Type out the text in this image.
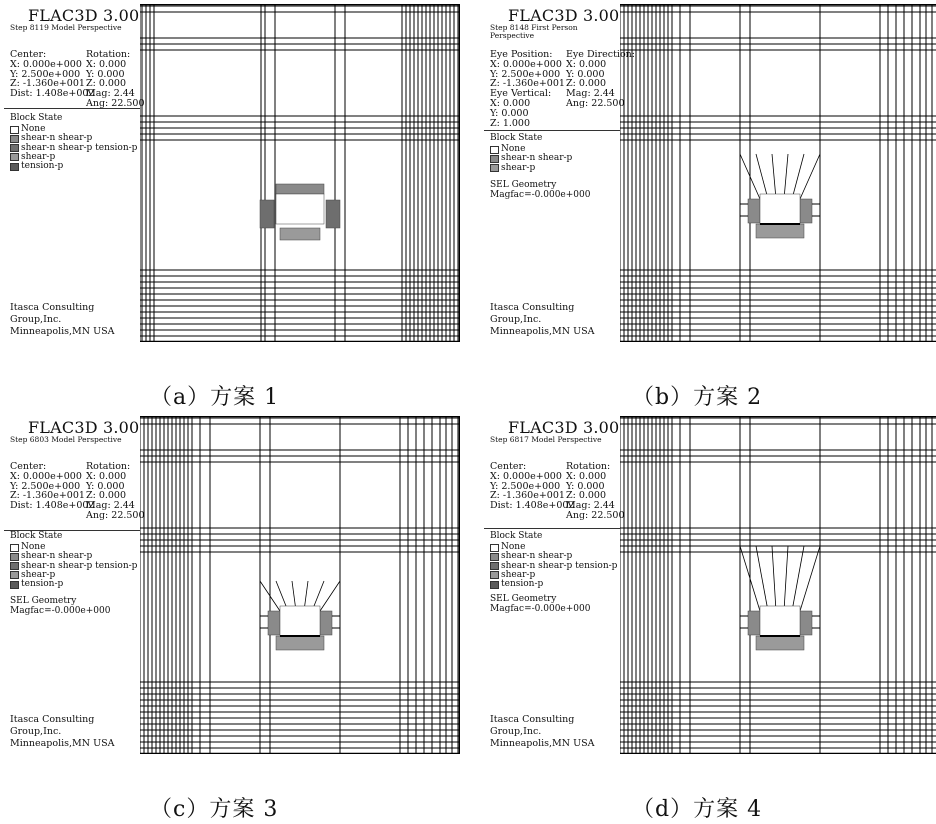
FLAC3D 3.00
Step 8119 Model Perspective
Center:
X: 0.000e+000
Y: 2.500e+000
Z: -1.360e+001
Dist: 1.408e+002
Rotation:
X: 0.000
Y: 0.000
Z: 0.000
Mag: 2.44
Ang: 22.500
Block State
None
shear-n shear-p
shear-n shear-p tension-p
shear-p
tension-p
Itasca Consulting Group,Inc.
Minneapolis,MN USA
FLAC3D 3.00
Step 8148 First Person Perspective
Eye Position:
X: 0.000e+000
Y: 2.500e+000
Z: -1.360e+001
Eye Vertical:
X: 0.000
Y: 0.000
Z: 1.000
Eye Direction:
X: 0.000
Y: 0.000
Z: 0.000
Mag: 2.44
Ang: 22.500
Block State
None
shear-n shear-p
shear-p
SEL Geometry
Magfac=-0.000e+000
Itasca Consulting Group,Inc.
Minneapolis,MN USA
FLAC3D 3.00
Step 6803 Model Perspective
Center:
X: 0.000e+000
Y: 2.500e+000
Z: -1.360e+001
Dist: 1.408e+002
Rotation:
X: 0.000
Y: 0.000
Z: 0.000
Mag: 2.44
Ang: 22.500
Block State
None
shear-n shear-p
shear-n shear-p tension-p
shear-p
tension-p
SEL Geometry
Magfac=-0.000e+000
Itasca Consulting Group,Inc.
Minneapolis,MN USA
FLAC3D 3.00
Step 6817 Model Perspective
Center:
X: 0.000e+000
Y: 2.500e+000
Z: -1.360e+001
Dist: 1.408e+002
Rotation:
X: 0.000
Y: 0.000
Z: 0.000
Mag: 2.44
Ang: 22.500
Block State
None
shear-n shear-p
shear-n shear-p tension-p
shear-p
tension-p
SEL Geometry
Magfac=-0.000e+000
Itasca Consulting Group,Inc.
Minneapolis,MN USA
（a）方案 1	（b）方案 2
（c）方案 3	（d）方案 4
